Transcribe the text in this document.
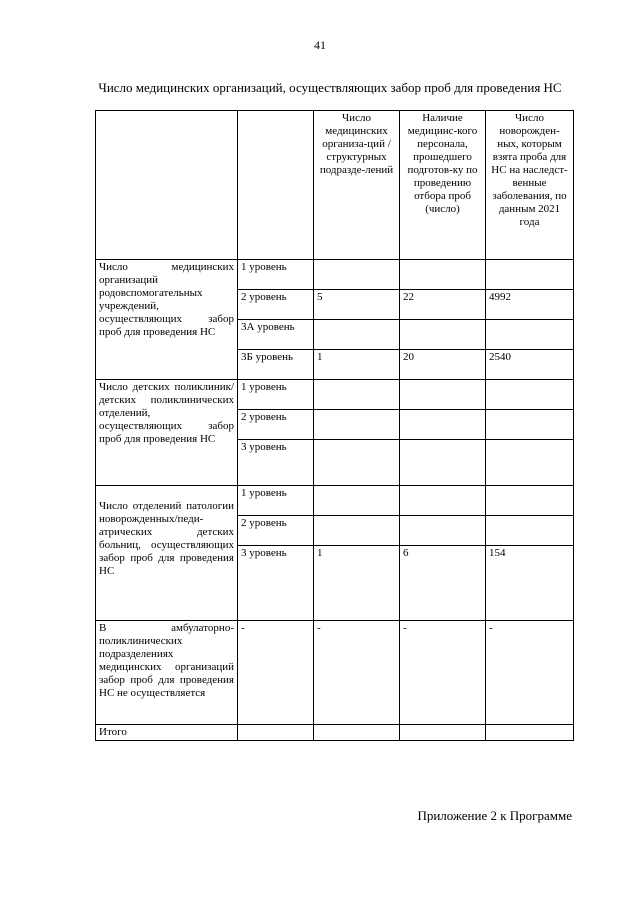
41
Число медицинских организаций, осуществляющих забор проб для проведения НС
		Число медицинских организа-ций / структурных подразде-лений	Наличие медицинс-кого персонала, прошедшего подготов-ку по проведению отбора проб (число)	Число новорожден-ных, которым взята проба для НС на наследст-венные заболевания, по данным 2021 года
Число медицинских организаций родовспомогательных учреждений, осуществляющих забор проб для проведения НС	1 уровень			
	2 уровень	5	22	4992
	3А уровень			
	3Б уровень	1	20	2540
Число детских поликлиник/детских поликлинических отделений, осуществляющих забор проб для проведения НС	1 уровень			
	2 уровень			
	3 уровень			
Число отделений патологии новорожденных/педи-атрических детских больниц, осуществляющих забор проб для проведения НС	1 уровень			
	2 уровень			
	3 уровень	1	6	154
В амбулаторно-поликлинических подразделениях медицинских организаций забор проб для проведения НС не осуществляется	-	-	-	-
Итого				
Приложение 2 к Программе
